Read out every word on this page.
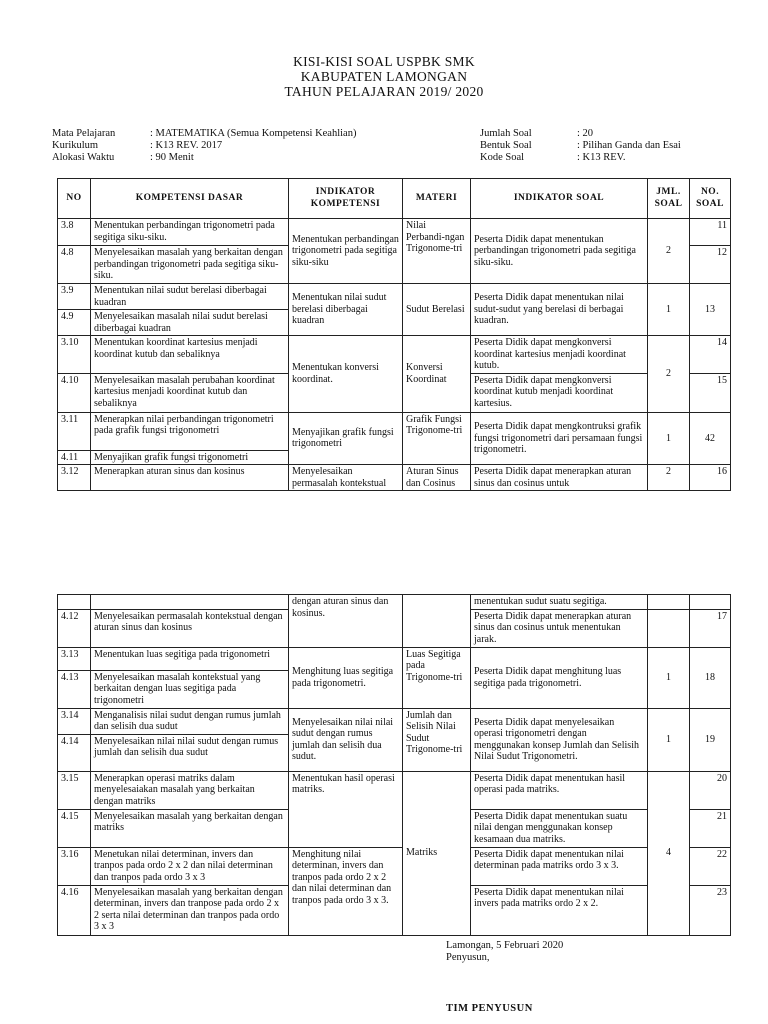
KISI-KISI SOAL USPBK SMK
KABUPATEN LAMONGAN
TAHUN PELAJARAN 2019/ 2020
Mata Pelajaran	: MATEMATIKA (Semua Kompetensi Keahlian)
Kurikulum	: K13 REV. 2017
Alokasi Waktu	: 90 Menit
Jumlah Soal	: 20
Bentuk Soal	: Pilihan Ganda dan Esai
Kode Soal	: K13 REV.
NO	KOMPETENSI DASAR	INDIKATOR KOMPETENSI	MATERI	INDIKATOR SOAL	JML. SOAL	NO. SOAL
3.8	Menentukan perbandingan trigonometri pada segitiga siku-siku.	Menentukan perbandingan trigonometri pada segitiga siku-siku	Nilai Perbandi-ngan Trigonome-tri	Peserta Didik dapat menentukan perbandingan trigonometri pada segitiga siku-siku.	2	11
4.8	Menyelesaikan masalah yang berkaitan dengan perbandingan trigonometri pada segitiga siku-siku.					12
3.9	Menentukan nilai sudut berelasi diberbagai kuadran	Menentukan nilai sudut berelasi diberbagai kuadran	Sudut Berelasi	Peserta Didik dapat menentukan nilai sudut-sudut yang berelasi di berbagai kuadran.	1	13
4.9	Menyelesaikan masalah nilai sudut berelasi diberbagai kuadran					
3.10	Menentukan koordinat kartesius menjadi koordinat kutub dan sebaliknya	Menentukan konversi koordinat.	Konversi Koordinat	Peserta Didik dapat mengkonversi koordinat kartesius menjadi koordinat kutub.	2	14
4.10	Menyelesaikan masalah perubahan koordinat kartesius menjadi koordinat kutub dan sebaliknya			Peserta Didik dapat mengkonversi koordinat kutub menjadi koordinat kartesius.		15
3.11	Menerapkan nilai perbandingan trigonometri pada grafik fungsi trigonometri	Menyajikan grafik fungsi trigonometri	Grafik Fungsi Trigonome-tri	Peserta Didik dapat mengkontruksi grafik fungsi trigonometri dari persamaan fungsi trigonometri.	1	42
4.11	Menyajikan grafik fungsi trigonometri					
3.12	Menerapkan aturan sinus dan kosinus	Menyelesaikan permasalah kontekstual	Aturan Sinus dan Cosinus	Peserta Didik dapat menerapkan aturan sinus dan cosinus untuk	2	16
		dengan aturan sinus dan kosinus.		menentukan sudut suatu segitiga.		
4.12	Menyelesaikan permasalah kontekstual dengan aturan sinus dan kosinus			Peserta Didik dapat menerapkan aturan sinus dan cosinus untuk menentukan jarak.		17
3.13	Menentukan luas segitiga pada trigonometri	Menghitung luas segitiga pada trigonometri.	Luas Segitiga pada Trigonome-tri	Peserta Didik dapat menghitung luas segitiga pada trigonometri.	1	18
4.13	Menyelesaikan masalah kontekstual yang berkaitan dengan luas segitiga pada trigonometri					
3.14	Menganalisis nilai sudut dengan rumus jumlah dan selisih dua sudut	Menyelesaikan nilai nilai sudut dengan rumus jumlah dan selisih dua sudut.	Jumlah dan Selisih Nilai Sudut Trigonome-tri	Peserta Didik dapat menyelesaikan operasi trigonometri dengan menggunakan konsep Jumlah dan Selisih Nilai Sudut Trigonometri.	1	19
4.14	Menyelesaikan nilai nilai sudut dengan rumus jumlah dan selisih dua sudut					
3.15	Menerapkan operasi matriks dalam menyelesaiakan masalah yang berkaitan dengan matriks	Menentukan hasil operasi matriks.	Matriks	Peserta Didik dapat menentukan hasil operasi pada matriks.	4	20
4.15	Menyelesaikan masalah yang berkaitan dengan matriks			Peserta Didik dapat menentukan suatu nilai dengan menggunakan konsep kesamaan dua matriks.		21
3.16	Menetukan nilai determinan, invers dan tranpos pada ordo 2 x 2 dan nilai determinan dan tranpos pada ordo 3 x 3	Menghitung nilai determinan, invers dan tranpos pada ordo 2 x 2 dan nilai determinan dan tranpos pada ordo 3 x 3.		Peserta Didik dapat menentukan nilai determinan pada matriks ordo 3 x 3.		22
4.16	Menyelesaikan masalah yang berkaitan dengan determinan, invers dan tranpose pada ordo 2 x 2 serta nilai determinan dan tranpos pada ordo 3 x 3			Peserta Didik dapat menentukan nilai invers pada matriks ordo 2 x 2.		23
Lamongan, 5 Februari 2020
Penyusun,
TIM PENYUSUN
